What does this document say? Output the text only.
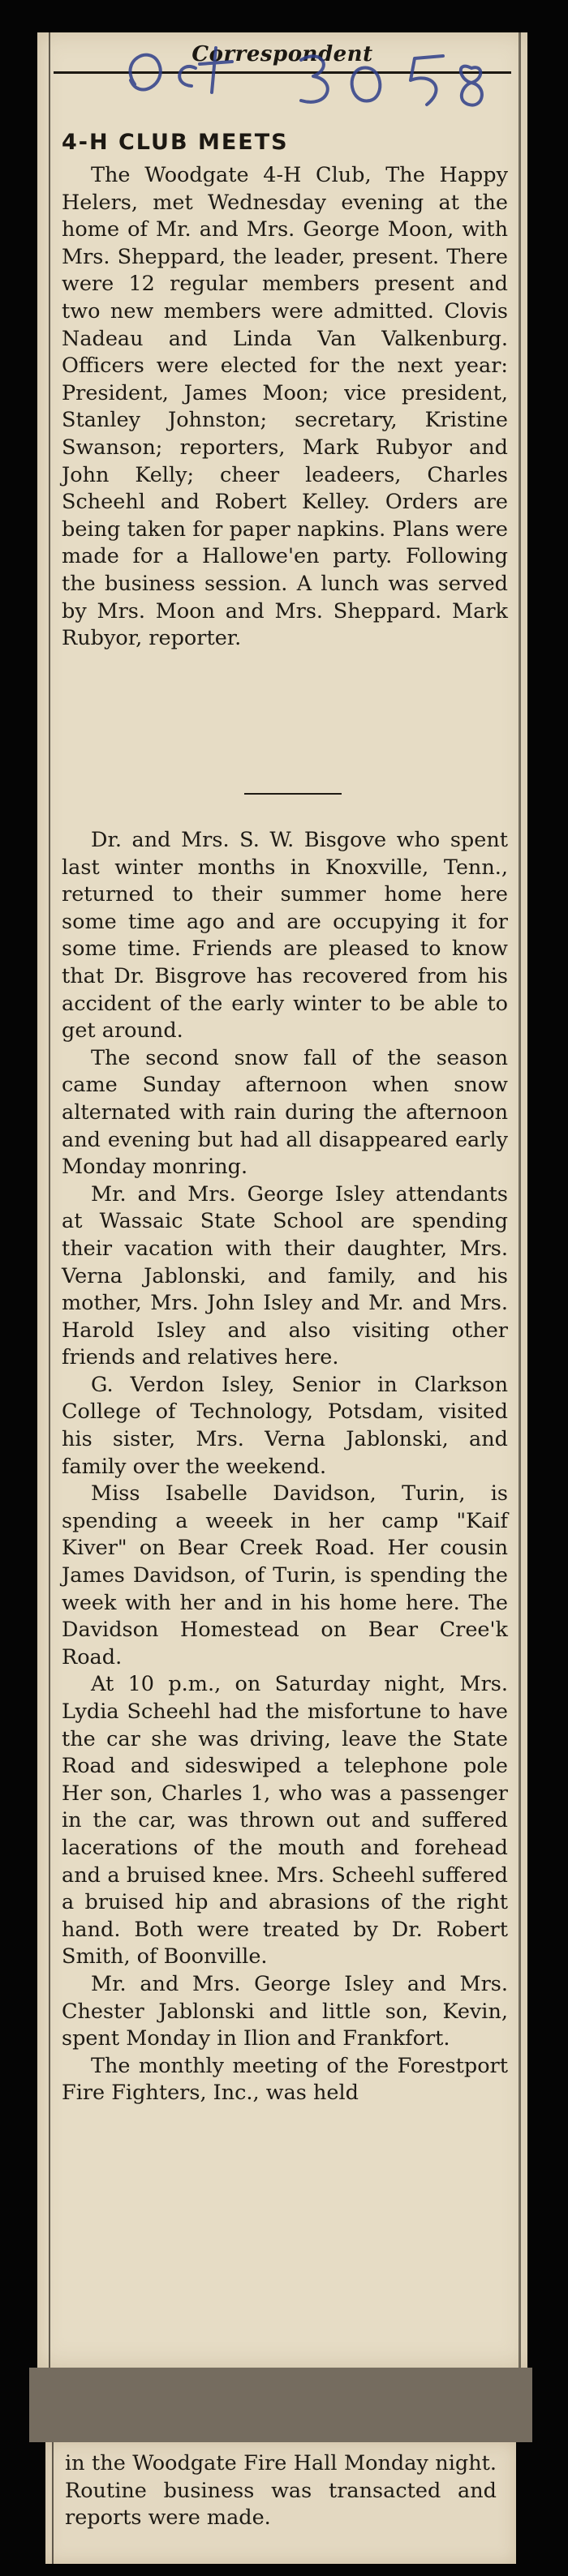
Correspondent
4-H CLUB MEETS

The Woodgate 4-H Club, The Happy Helers, met Wednesday evening at the home of Mr. and Mrs. George Moon, with Mrs. Sheppard, the leader, present. There were 12 regular members present and two new members were admitted. Clovis Nadeau and Linda Van Valkenburg. Officers were elected for the next year: President, James Moon; vice president, Stanley Johnston; secretary, Kristine Swanson; reporters, Mark Rubyor and John Kelly; cheer leadeers, Charles Scheehl and Robert Kelley. Orders are being taken for paper napkins. Plans were made for a Hallowe'en party. Following the business session. A lunch was served by Mrs. Moon and Mrs. Sheppard. Mark Rubyor, reporter.

Dr. and Mrs. S. W. Bisgove who spent last winter months in Knoxville, Tenn., returned to their summer home here some time ago and are occupying it for some time. Friends are pleased to know that Dr. Bisgrove has recovered from his accident of the early winter to be able to get around.

The second snow fall of the season came Sunday afternoon when snow alternated with rain during the afternoon and evening but had all disappeared early Monday monring.

Mr. and Mrs. George Isley attendants at Wassaic State School are spending their vacation with their daughter, Mrs. Verna Jablonski, and family, and his mother, Mrs. John Isley and Mr. and Mrs. Harold Isley and also visiting other friends and relatives here.

G. Verdon Isley, Senior in Clarkson College of Technology, Potsdam, visited his sister, Mrs. Verna Jablonski, and family over the weekend.

Miss Isabelle Davidson, Turin, is spending a weeek in her camp "Kaif Kiver" on Bear Creek Road. Her cousin James Davidson, of Turin, is spending the week with her and in his home here. The Davidson Homestead on Bear Cree'k Road.

At 10 p.m., on Saturday night, Mrs. Lydia Scheehl had the misfortune to have the car she was driving, leave the State Road and sideswiped a telephone pole Her son, Charles 1, who was a passenger in the car, was thrown out and suffered lacerations of the mouth and forehead and a bruised knee. Mrs. Scheehl suffered a bruised hip and abrasions of the right hand. Both were treated by Dr. Robert Smith, of Boonville.

Mr. and Mrs. George Isley and Mrs. Chester Jablonski and little son, Kevin, spent Monday in Ilion and Frankfort.

The monthly meeting of the Forestport Fire Fighters, Inc., was held

in the Woodgate Fire Hall Monday night. Routine business was transacted and reports were made.
